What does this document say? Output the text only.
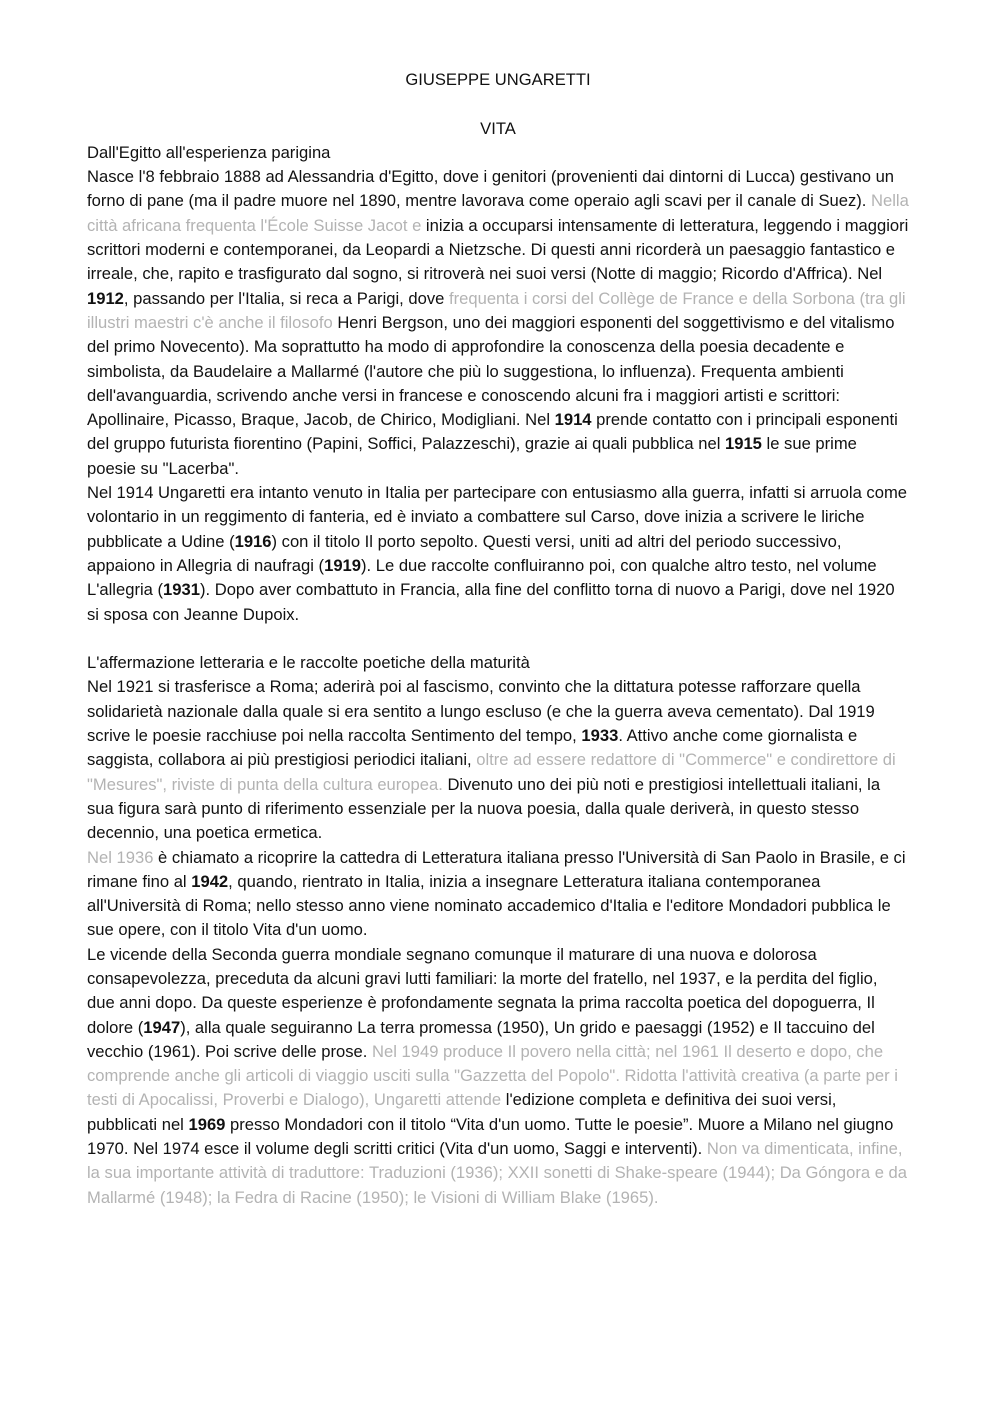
GIUSEPPE UNGARETTI

VITA

Dall'Egitto all'esperienza parigina

Nasce l'8 febbraio 1888 ad Alessandria d'Egitto, dove i genitori (provenienti dai dintorni di Lucca) gestivano un forno di pane (ma il padre muore nel 1890, mentre lavorava come operaio agli scavi per il canale di Suez). Nella città africana frequenta l'École Suisse Jacot e inizia a occuparsi intensamente di letteratura, leggendo i maggiori scrittori moderni e contemporanei, da Leopardi a Nietzsche. Di questi anni ricorderà un paesaggio fantastico e irreale, che, rapito e trasfigurato dal sogno, si ritroverà nei suoi versi (Notte di maggio; Ricordo d'Affrica). Nel 1912, passando per l'Italia, si reca a Parigi, dove frequenta i corsi del Collège de France e della Sorbona (tra gli illustri maestri c'è anche il filosofo Henri Bergson, uno dei maggiori esponenti del soggettivismo e del vitalismo del primo Novecento). Ma soprattutto ha modo di approfondire la conoscenza della poesia decadente e simbolista, da Baudelaire a Mallarmé (l'autore che più lo suggestiona, lo influenza). Frequenta ambienti dell'avanguardia, scrivendo anche versi in francese e conoscendo alcuni fra i maggiori artisti e scrittori: Apollinaire, Picasso, Braque, Jacob, de Chirico, Modigliani. Nel 1914 prende contatto con i principali esponenti del gruppo futurista fiorentino (Papini, Soffici, Palazzeschi), grazie ai quali pubblica nel 1915 le sue prime poesie su "Lacerba".

Nel 1914 Ungaretti era intanto venuto in Italia per partecipare con entusiasmo alla guerra, infatti si arruola come volontario in un reggimento di fanteria, ed è inviato a combattere sul Carso, dove inizia a scrivere le liriche pubblicate a Udine (1916) con il titolo Il porto sepolto. Questi versi, uniti ad altri del periodo successivo, appaiono in Allegria di naufragi (1919). Le due raccolte confluiranno poi, con qualche altro testo, nel volume L'allegria (1931). Dopo aver combattuto in Francia, alla fine del conflitto torna di nuovo a Parigi, dove nel 1920 si sposa con Jeanne Dupoix.

L'affermazione letteraria e le raccolte poetiche della maturità

Nel 1921 si trasferisce a Roma; aderirà poi al fascismo, convinto che la dittatura potesse rafforzare quella solidarietà nazionale dalla quale si era sentito a lungo escluso (e che la guerra aveva cementato). Dal 1919 scrive le poesie racchiuse poi nella raccolta Sentimento del tempo, 1933. Attivo anche come giornalista e saggista, collabora ai più prestigiosi periodici italiani, oltre ad essere redattore di "Commerce" e condirettore di "Mesures", riviste di punta della cultura europea. Divenuto uno dei più noti e prestigiosi intellettuali italiani, la sua figura sarà punto di riferimento essenziale per la nuova poesia, dalla quale deriverà, in questo stesso decennio, una poetica ermetica.

Nel 1936 è chiamato a ricoprire la cattedra di Letteratura italiana presso l'Università di San Paolo in Brasile, e ci rimane fino al 1942, quando, rientrato in Italia, inizia a insegnare Letteratura italiana contemporanea all'Università di Roma; nello stesso anno viene nominato accademico d'Italia e l'editore Mondadori pubblica le sue opere, con il titolo Vita d'un uomo.

Le vicende della Seconda guerra mondiale segnano comunque il maturare di una nuova e dolorosa consapevolezza, preceduta da alcuni gravi lutti familiari: la morte del fratello, nel 1937, e la perdita del figlio, due anni dopo. Da queste esperienze è profondamente segnata la prima raccolta poetica del dopoguerra, Il dolore (1947), alla quale seguiranno La terra promessa (1950), Un grido e paesaggi (1952) e Il taccuino del vecchio (1961). Poi scrive delle prose. Nel 1949 produce Il povero nella città; nel 1961 Il deserto e dopo, che comprende anche gli articoli di viaggio usciti sulla "Gazzetta del Popolo". Ridotta l'attività creativa (a parte per i testi di Apocalissi, Proverbi e Dialogo), Ungaretti attende l'edizione completa e definitiva dei suoi versi, pubblicati nel 1969 presso Mondadori con il titolo “Vita d'un uomo. Tutte le poesie”. Muore a Milano nel giugno 1970. Nel 1974 esce il volume degli scritti critici (Vita d'un uomo, Saggi e interventi). Non va dimenticata, infine, la sua importante attività di traduttore: Traduzioni (1936); XXII sonetti di Shake-speare (1944); Da Góngora e da Mallarmé (1948); la Fedra di Racine (1950); le Visioni di William Blake (1965).
